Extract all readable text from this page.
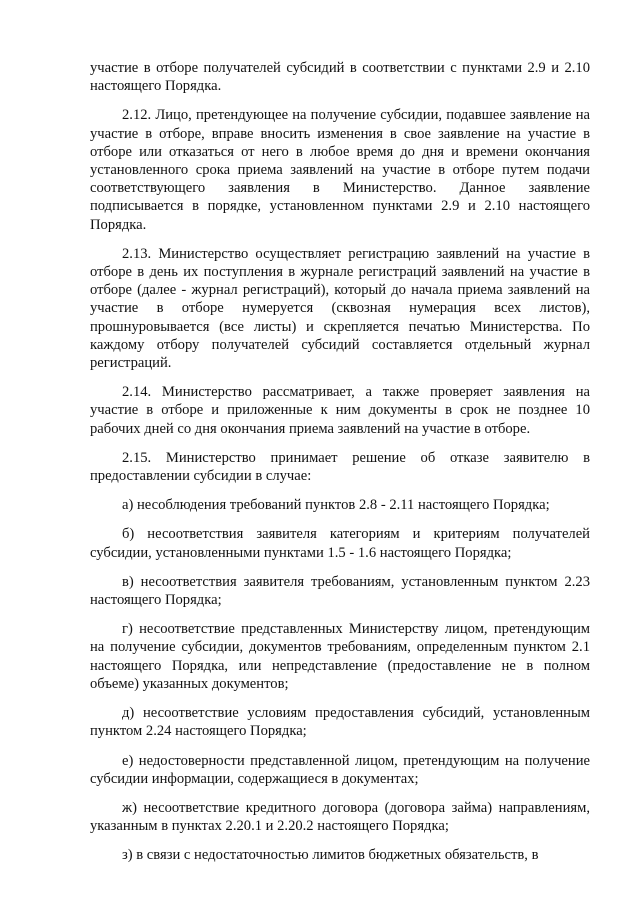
участие в отборе получателей субсидий в соответствии с пунктами 2.9 и 2.10 настоящего Порядка.

2.12. Лицо, претендующее на получение субсидии, подавшее заявление на участие в отборе, вправе вносить изменения в свое заявление на участие в отборе или отказаться от него в любое время до дня и времени окончания установленного срока приема заявлений на участие в отборе путем подачи соответствующего заявления в Министерство. Данное заявление подписывается в порядке, установленном пунктами 2.9 и 2.10 настоящего Порядка.

2.13. Министерство осуществляет регистрацию заявлений на участие в отборе в день их поступления в журнале регистраций заявлений на участие в отборе (далее - журнал регистраций), который до начала приема заявлений на участие в отборе нумеруется (сквозная нумерация всех листов), прошнуровывается (все листы) и скрепляется печатью Министерства. По каждому отбору получателей субсидий составляется отдельный журнал регистраций.

2.14. Министерство рассматривает, а также проверяет заявления на участие в отборе и приложенные к ним документы в срок не позднее 10 рабочих дней со дня окончания приема заявлений на участие в отборе.

2.15. Министерство принимает решение об отказе заявителю в предоставлении субсидии в случае:

а) несоблюдения требований пунктов 2.8 - 2.11 настоящего Порядка;

б) несоответствия заявителя категориям и критериям получателей субсидии, установленными пунктами 1.5 - 1.6 настоящего Порядка;

в) несоответствия заявителя требованиям, установленным пунктом 2.23 настоящего Порядка;

г) несоответствие представленных Министерству лицом, претендующим на получение субсидии, документов требованиям, определенным пунктом 2.1 настоящего Порядка, или непредставление (предоставление не в полном объеме) указанных документов;

д) несоответствие условиям предоставления субсидий, установленным пунктом 2.24 настоящего Порядка;

е) недостоверности представленной лицом, претендующим на получение субсидии информации, содержащиеся в документах;

ж) несоответствие кредитного договора (договора займа) направлениям, указанным в пунктах 2.20.1 и 2.20.2 настоящего Порядка;

з) в связи с недостаточностью лимитов бюджетных обязательств, в
